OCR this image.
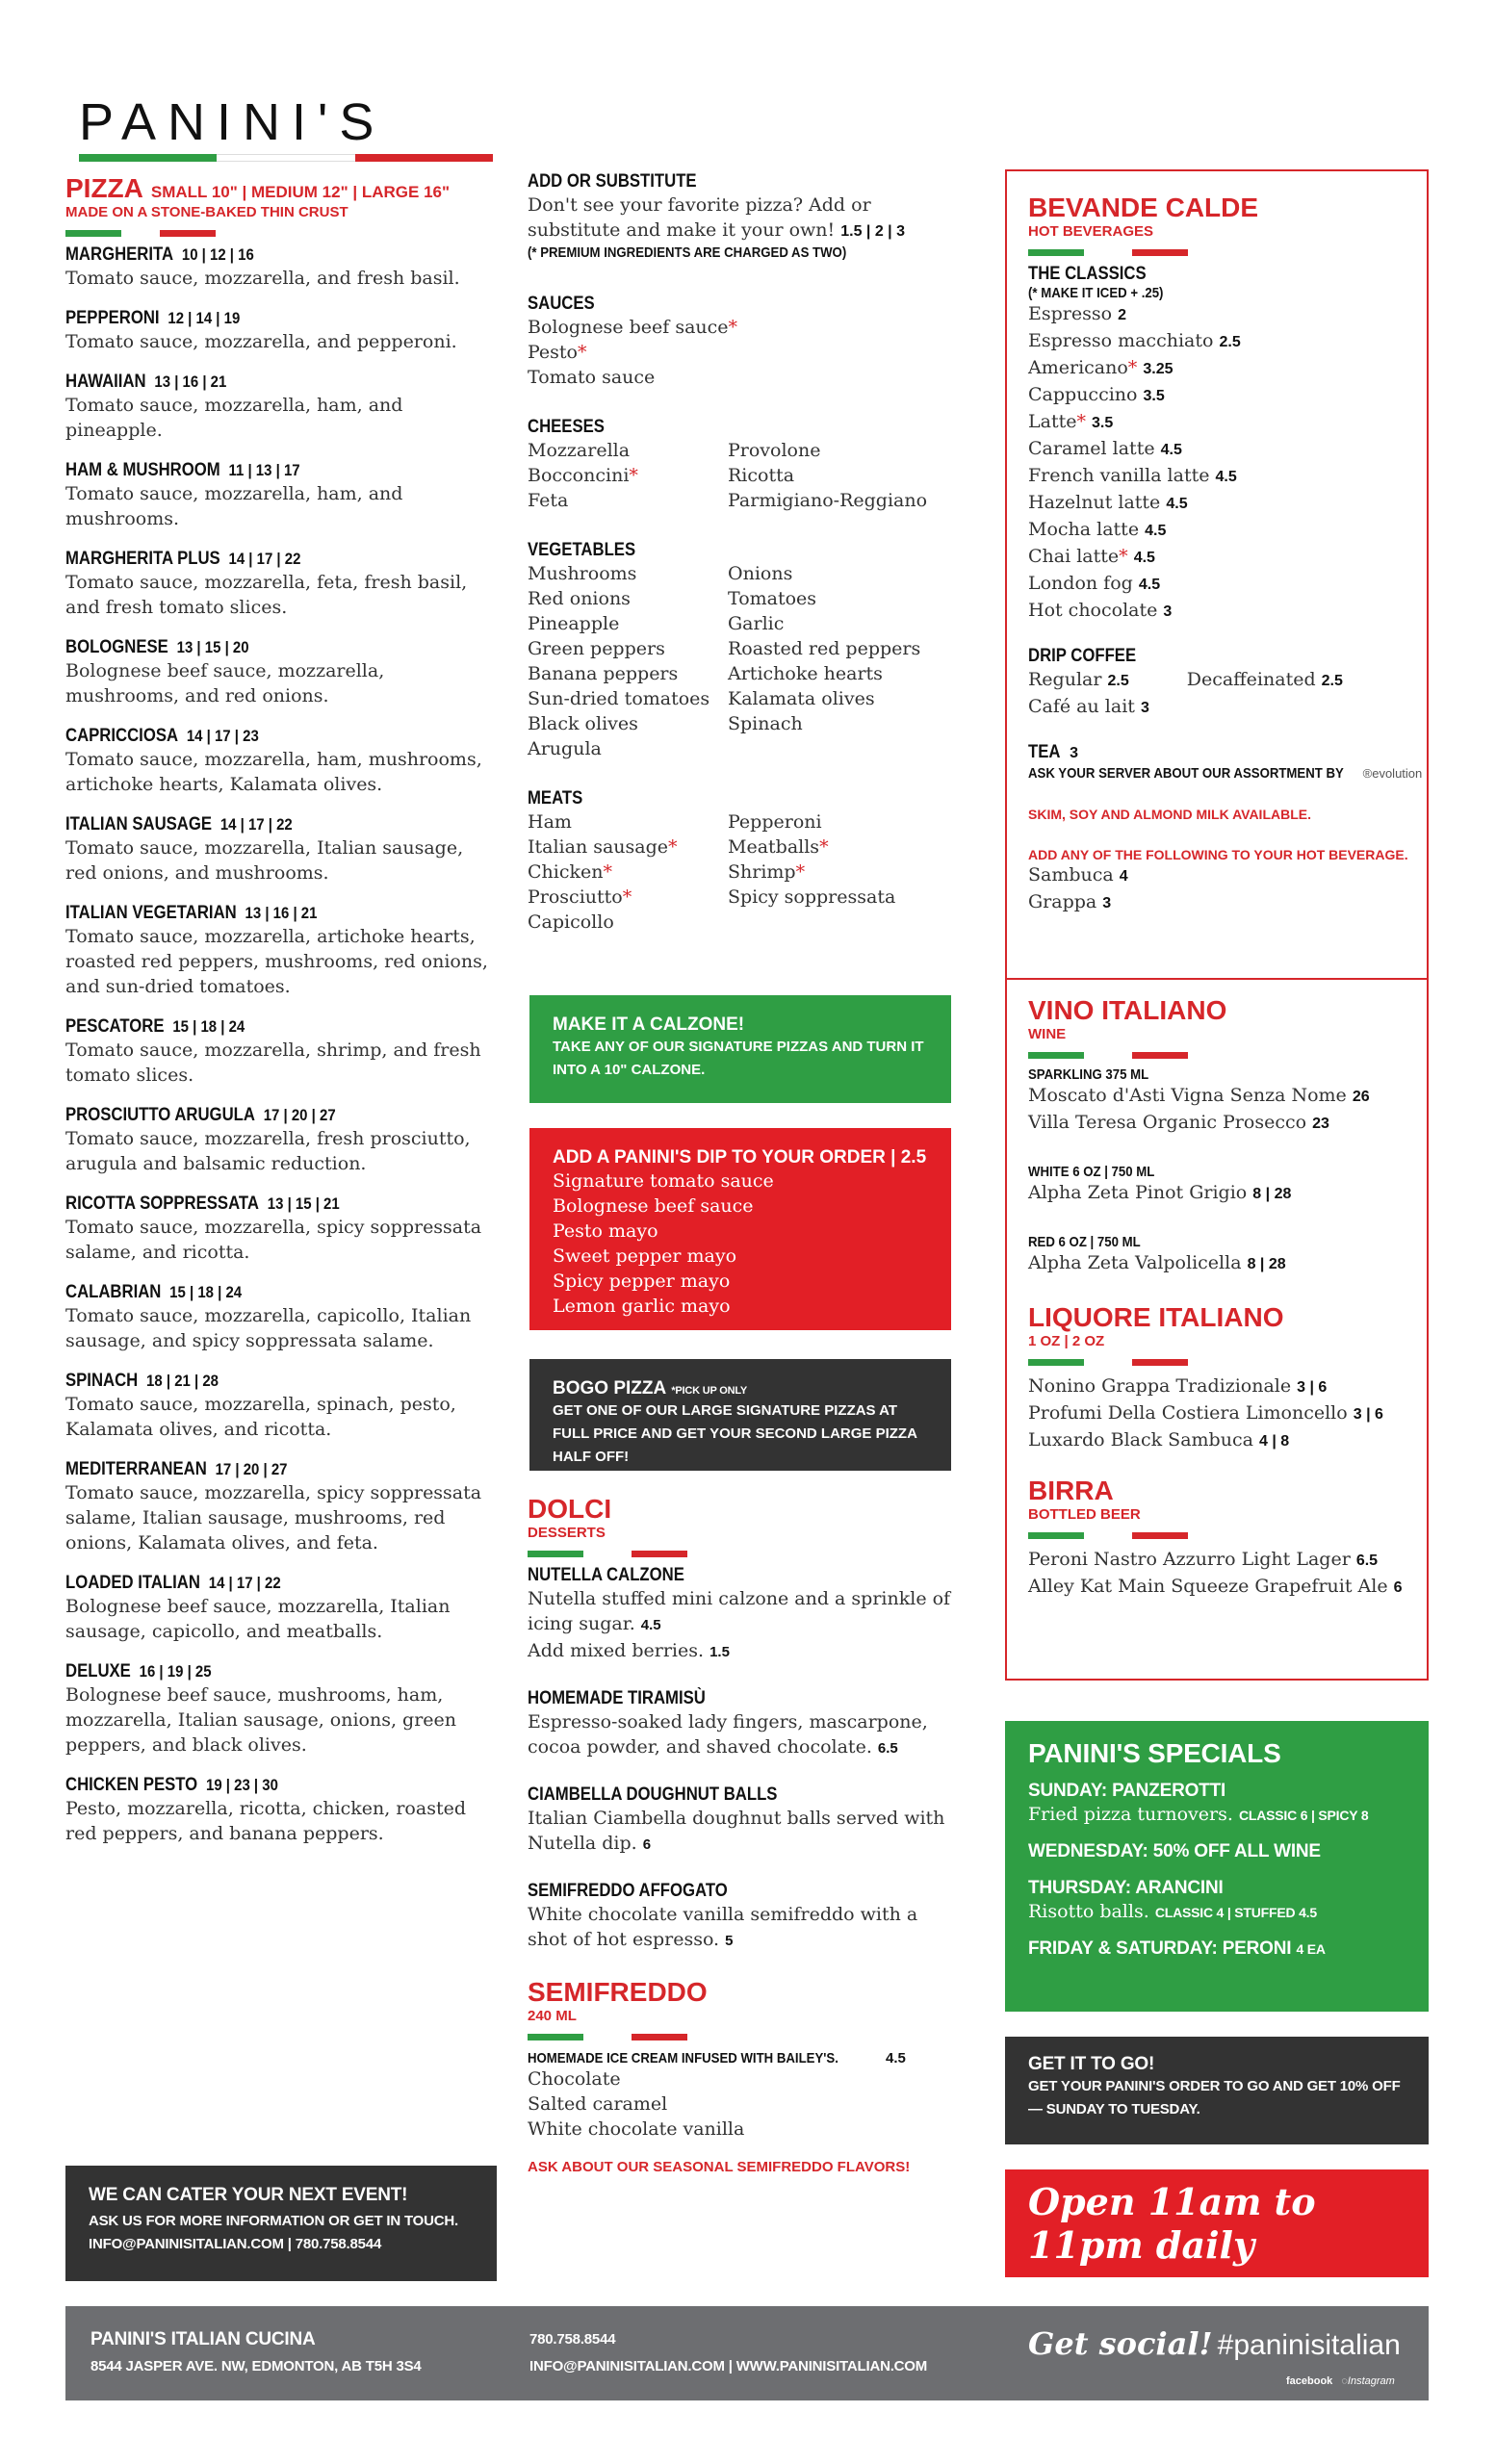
PANINI'S
PIZZA SMALL 10" | MEDIUM 12" | LARGE 16"
MADE ON A STONE-BAKED THIN CRUST
MARGHERITA 10 | 12 | 16
Tomato sauce, mozzarella, and fresh basil.
PEPPERONI 12 | 14 | 19
Tomato sauce, mozzarella, and pepperoni.
HAWAIIAN 13 | 16 | 21
Tomato sauce, mozzarella, ham, and pineapple.
HAM & MUSHROOM 11 | 13 | 17
Tomato sauce, mozzarella, ham, and mushrooms.
MARGHERITA PLUS 14 | 17 | 22
Tomato sauce, mozzarella, feta, fresh basil, and fresh tomato slices.
BOLOGNESE 13 | 15 | 20
Bolognese beef sauce, mozzarella, mushrooms, and red onions.
CAPRICCIOSA 14 | 17 | 23
Tomato sauce, mozzarella, ham, mushrooms, artichoke hearts, Kalamata olives.
ITALIAN SAUSAGE 14 | 17 | 22
Tomato sauce, mozzarella, Italian sausage, red onions, and mushrooms.
ITALIAN VEGETARIAN 13 | 16 | 21
Tomato sauce, mozzarella, artichoke hearts, roasted red peppers, mushrooms, red onions, and sun-dried tomatoes.
PESCATORE 15 | 18 | 24
Tomato sauce, mozzarella, shrimp, and fresh tomato slices.
PROSCIUTTO ARUGULA 17 | 20 | 27
Tomato sauce, mozzarella, fresh prosciutto, arugula and balsamic reduction.
RICOTTA SOPPRESSATA 13 | 15 | 21
Tomato sauce, mozzarella, spicy soppressata salame, and ricotta.
CALABRIAN 15 | 18 | 24
Tomato sauce, mozzarella, capicollo, Italian sausage, and spicy soppressata salame.
SPINACH 18 | 21 | 28
Tomato sauce, mozzarella, spinach, pesto, Kalamata olives, and ricotta.
MEDITERRANEAN 17 | 20 | 27
Tomato sauce, mozzarella, spicy soppressata salame, Italian sausage, mushrooms, red onions, Kalamata olives, and feta.
LOADED ITALIAN 14 | 17 | 22
Bolognese beef sauce, mozzarella, Italian sausage, capicollo, and meatballs.
DELUXE 16 | 19 | 25
Bolognese beef sauce, mushrooms, ham, mozzarella, Italian sausage, onions, green peppers, and black olives.
CHICKEN PESTO 19 | 23 | 30
Pesto, mozzarella, ricotta, chicken, roasted red peppers, and banana peppers.
WE CAN CATER YOUR NEXT EVENT!
ASK US FOR MORE INFORMATION OR GET IN TOUCH.
INFO@PANINISITALIAN.COM | 780.758.8544
ADD OR SUBSTITUTE
Don't see your favorite pizza? Add or substitute and make it your own! 1.5 | 2 | 3
(* PREMIUM INGREDIENTS ARE CHARGED AS TWO)
SAUCES
Bolognese beef sauce*
Pesto*
Tomato sauce
CHEESES
Mozzarella
Bocconcini*
Feta
Provolone
Ricotta
Parmigiano-Reggiano
VEGETABLES
Mushrooms
Red onions
Pineapple
Green peppers
Banana peppers
Sun-dried tomatoes
Black olives
Arugula
Onions
Tomatoes
Garlic
Roasted red peppers
Artichoke hearts
Kalamata olives
Spinach
MEATS
Ham
Italian sausage*
Chicken*
Prosciutto*
Capicollo
Pepperoni
Meatballs*
Shrimp*
Spicy soppressata
MAKE IT A CALZONE!
TAKE ANY OF OUR SIGNATURE PIZZAS AND TURN IT INTO A 10" CALZONE.
ADD A PANINI'S DIP TO YOUR ORDER | 2.5
Signature tomato sauce
Bolognese beef sauce
Pesto mayo
Sweet pepper mayo
Spicy pepper mayo
Lemon garlic mayo
BOGO PIZZA *PICK UP ONLY
GET ONE OF OUR LARGE SIGNATURE PIZZAS AT FULL PRICE AND GET YOUR SECOND LARGE PIZZA HALF OFF!
DOLCI
DESSERTS
NUTELLA CALZONE
Nutella stuffed mini calzone and a sprinkle of icing sugar. 4.5
Add mixed berries. 1.5
HOMEMADE TIRAMISÙ
Espresso-soaked lady fingers, mascarpone, cocoa powder, and shaved chocolate. 6.5
CIAMBELLA DOUGHNUT BALLS
Italian Ciambella doughnut balls served with Nutella dip. 6
SEMIFREDDO AFFOGATO
White chocolate vanilla semifreddo with a shot of hot espresso. 5
SEMIFREDDO
240 ML
HOMEMADE ICE CREAM INFUSED WITH BAILEY'S.	4.5
Chocolate
Salted caramel
White chocolate vanilla
ASK ABOUT OUR SEASONAL SEMIFREDDO FLAVORS!
BEVANDE CALDE
HOT BEVERAGES
THE CLASSICS
(* MAKE IT ICED + .25)
Espresso 2
Espresso macchiato 2.5
Americano* 3.25
Cappuccino 3.5
Latte* 3.5
Caramel latte 4.5
French vanilla latte 4.5
Hazelnut latte 4.5
Mocha latte 4.5
Chai latte* 4.5
London fog 4.5
Hot chocolate 3
DRIP COFFEE
Regular 2.5	Decaffeinated 2.5
Café au lait 3
TEA 3
ASK YOUR SERVER ABOUT OUR ASSORTMENT BY ®evolution
SKIM, SOY AND ALMOND MILK AVAILABLE.
ADD ANY OF THE FOLLOWING TO YOUR HOT BEVERAGE.
Sambuca 4
Grappa 3
VINO ITALIANO
WINE
SPARKLING 375 ML
Moscato d'Asti Vigna Senza Nome 26
Villa Teresa Organic Prosecco 23
WHITE 6 OZ | 750 ML
Alpha Zeta Pinot Grigio 8 | 28
RED 6 OZ | 750 ML
Alpha Zeta Valpolicella 8 | 28
LIQUORE ITALIANO
1 OZ | 2 OZ
Nonino Grappa Tradizionale 3 | 6
Profumi Della Costiera Limoncello 3 | 6
Luxardo Black Sambuca 4 | 8
BIRRA
BOTTLED BEER
Peroni Nastro Azzurro Light Lager 6.5
Alley Kat Main Squeeze Grapefruit Ale 6
PANINI'S SPECIALS
SUNDAY: PANZEROTTI
Fried pizza turnovers. CLASSIC 6 | SPICY 8
WEDNESDAY: 50% OFF ALL WINE
THURSDAY: ARANCINI
Risotto balls. CLASSIC 4 | STUFFED 4.5
FRIDAY & SATURDAY: PERONI 4 EA
GET IT TO GO!
GET YOUR PANINI'S ORDER TO GO AND GET 10% OFF — SUNDAY TO TUESDAY.
Open 11am to 11pm daily
PANINI'S ITALIAN CUCINA
8544 JASPER AVE. NW, EDMONTON, AB T5H 3S4
780.758.8544
INFO@PANINISITALIAN.COM | WWW.PANINISITALIAN.COM
Get social! #paninisitalian
facebook ◌Instagram
